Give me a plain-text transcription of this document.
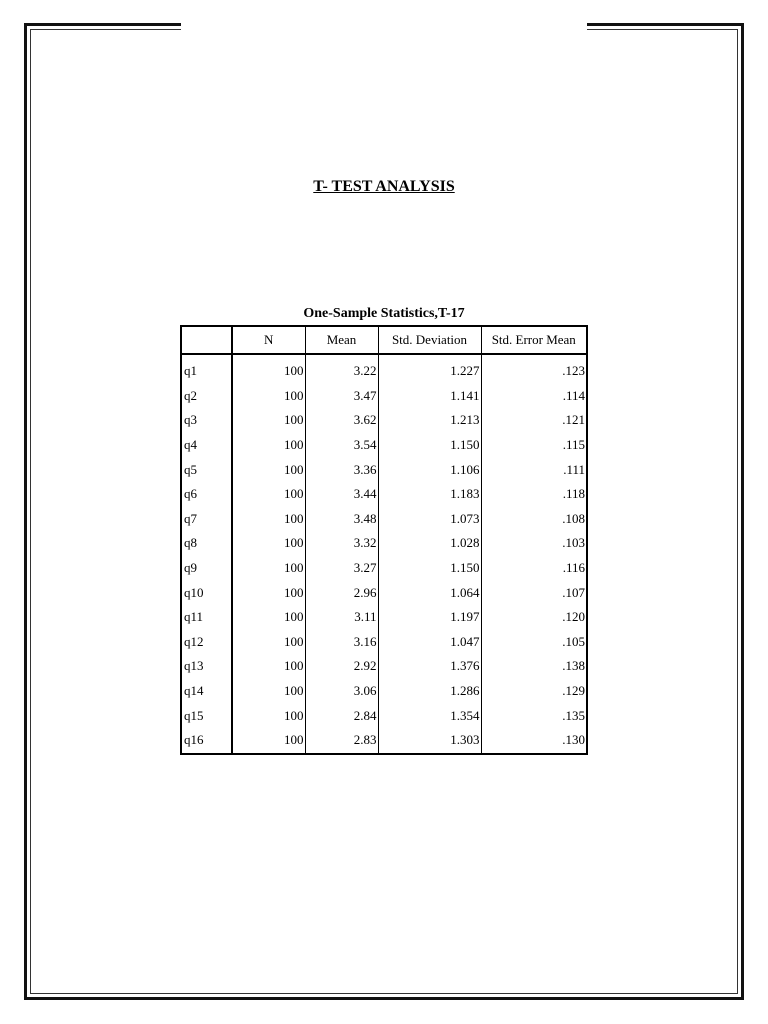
T- TEST ANALYSIS
One-Sample Statistics,T-17
	N	Mean	Std. Deviation	Std. Error Mean
q1	100	3.22	1.227	.123
q2	100	3.47	1.141	.114
q3	100	3.62	1.213	.121
q4	100	3.54	1.150	.115
q5	100	3.36	1.106	.111
q6	100	3.44	1.183	.118
q7	100	3.48	1.073	.108
q8	100	3.32	1.028	.103
q9	100	3.27	1.150	.116
q10	100	2.96	1.064	.107
q11	100	3.11	1.197	.120
q12	100	3.16	1.047	.105
q13	100	2.92	1.376	.138
q14	100	3.06	1.286	.129
q15	100	2.84	1.354	.135
q16	100	2.83	1.303	.130
